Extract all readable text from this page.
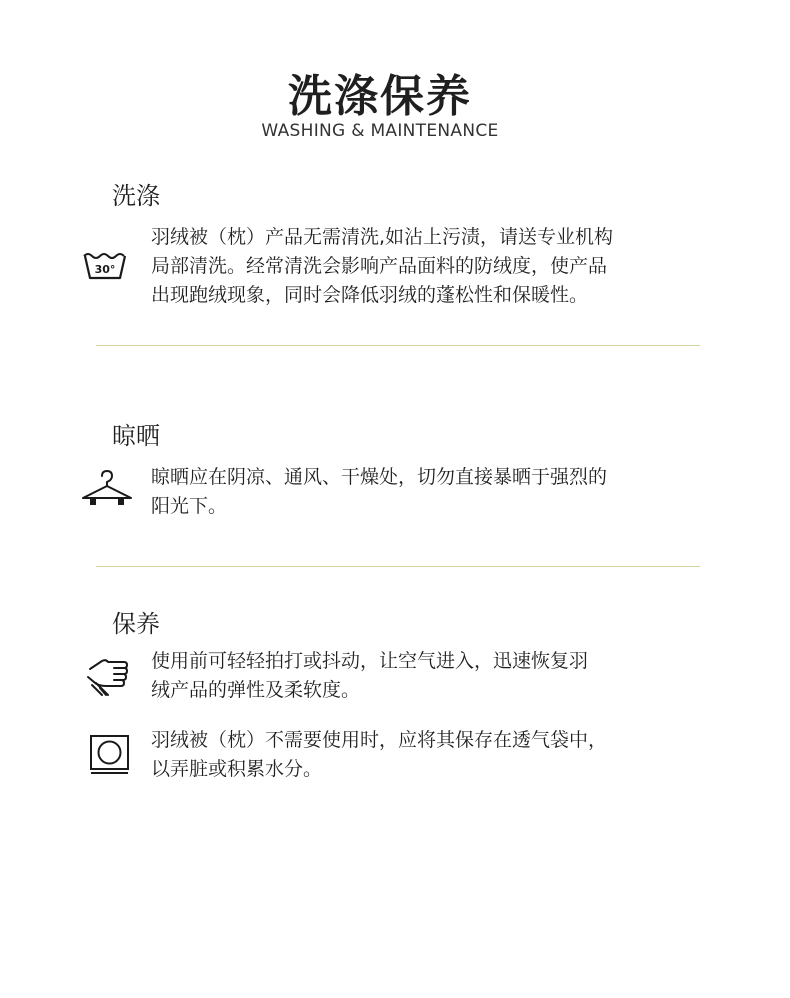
洗涤保养
WASHING & MAINTENANCE
洗涤
30°
羽绒被（枕）产品无需清洗,如沾上污渍，请送专业机构
局部清洗。经常清洗会影响产品面料的防绒度，使产品
出现跑绒现象，同时会降低羽绒的蓬松性和保暖性。
晾晒
晾晒应在阴凉、通风、干燥处，切勿直接暴晒于强烈的
阳光下。
保养
使用前可轻轻拍打或抖动，让空气进入，迅速恢复羽
绒产品的弹性及柔软度。
羽绒被（枕）不需要使用时，应将其保存在透气袋中，
以弄脏或积累水分。
